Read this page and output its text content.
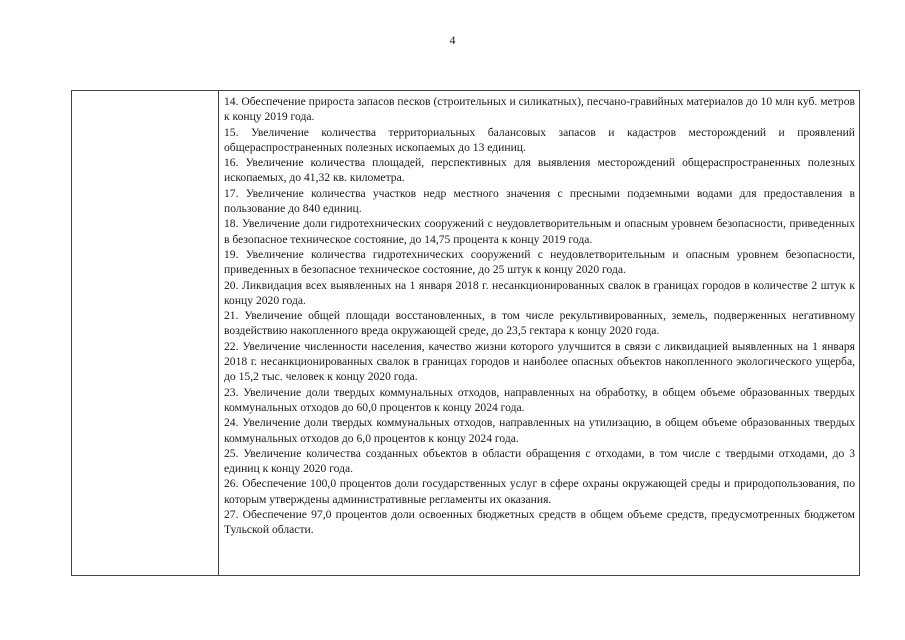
4

14. Обеспечение прироста запасов песков (строительных и силикатных), песчано-гравийных материалов до 10 млн куб. метров к концу 2019 года.

15. Увеличение количества территориальных балансовых запасов и кадастров месторождений и проявлений общераспространенных полезных ископаемых до 13 единиц.

16. Увеличение количества площадей, перспективных для выявления месторождений общераспространенных полезных ископаемых, до 41,32 кв. километра.

17. Увеличение количества участков недр местного значения с пресными подземными водами для предоставления в пользование до 840 единиц.

18. Увеличение доли гидротехнических сооружений с неудовлетворительным и опасным уровнем безопасности, приведенных в безопасное техническое состояние, до 14,75 процента к концу 2019 года.

19. Увеличение количества гидротехнических сооружений с неудовлетворительным и опасным уровнем безопасности, приведенных в безопасное техническое состояние, до 25 штук к концу 2020 года.

20. Ликвидация всех выявленных на 1 января 2018 г. несанкционированных свалок в границах городов в количестве 2 штук к концу 2020 года.

21. Увеличение общей площади восстановленных, в том числе рекультивированных, земель, подверженных негативному воздействию накопленного вреда окружающей среде, до 23,5 гектара к концу 2020 года.

22. Увеличение численности населения, качество жизни которого улучшится в связи с ликвидацией выявленных на 1 января 2018 г. несанкционированных свалок в границах городов и наиболее опасных объектов накопленного экологического ущерба, до 15,2 тыс. человек к концу 2020 года.

23. Увеличение доли твердых коммунальных отходов, направленных на обработку, в общем объеме образованных твердых коммунальных отходов до 60,0 процентов к концу 2024 года.

24. Увеличение доли твердых коммунальных отходов, направленных на утилизацию, в общем объеме образованных твердых коммунальных отходов до 6,0 процентов к концу 2024 года.

25. Увеличение количества созданных объектов в области обращения с отходами, в том числе с твердыми отходами, до 3 единиц к концу 2020 года.

26. Обеспечение 100,0 процентов доли государственных услуг в сфере охраны окружающей среды и природопользования, по которым утверждены административные регламенты их оказания.

27. Обеспечение 97,0 процентов доли освоенных бюджетных средств в общем объеме средств, предусмотренных бюджетом Тульской области.
